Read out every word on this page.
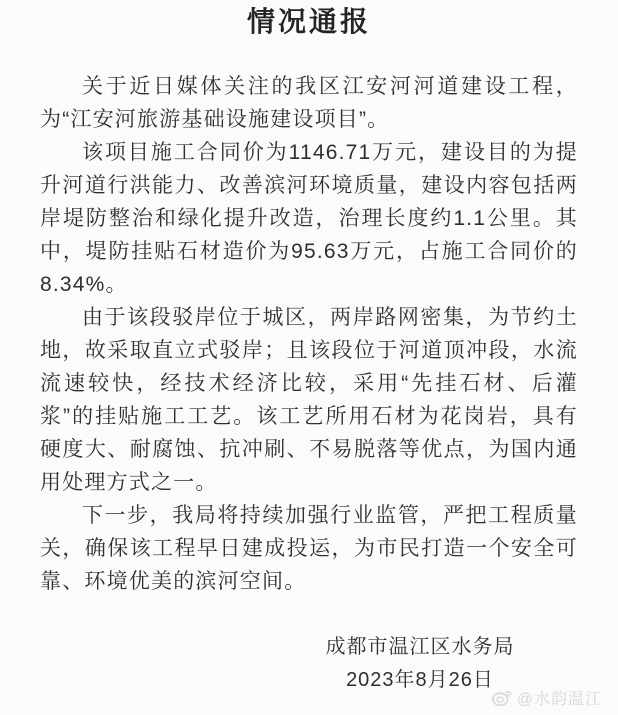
情况通报

关于近日媒体关注的我区江安河河道建设工程，为“江安河旅游基础设施建设项目”。

该项目施工合同价为1146.71万元，建设目的为提升河道行洪能力、改善滨河环境质量，建设内容包括两岸堤防整治和绿化提升改造，治理长度约1.1公里。其中，堤防挂贴石材造价为95.63万元，占施工合同价的8.34%。

由于该段驳岸位于城区，两岸路网密集，为节约土地，故采取直立式驳岸；且该段位于河道顶冲段，水流流速较快，经技术经济比较，采用“先挂石材、后灌浆”的挂贴施工工艺。该工艺所用石材为花岗岩，具有硬度大、耐腐蚀、抗冲刷、不易脱落等优点，为国内通用处理方式之一。

下一步，我局将持续加强行业监管，严把工程质量关，确保该工程早日建成投运，为市民打造一个安全可靠、环境优美的滨河空间。

成都市温江区水务局
2023年8月26日
@水韵温江
